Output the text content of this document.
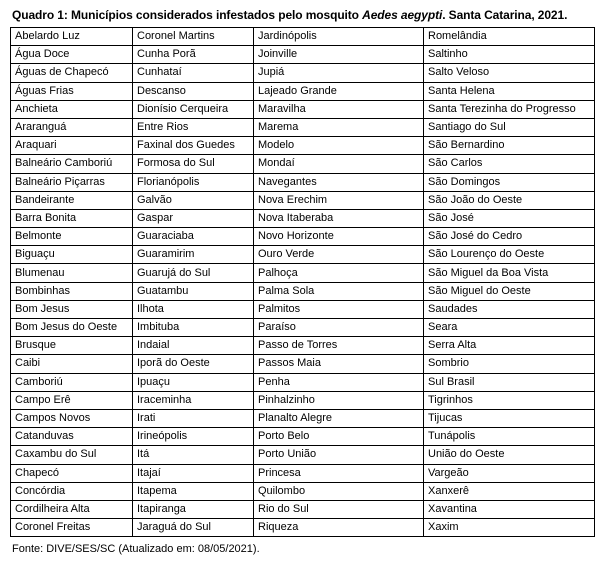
Quadro 1: Municípios considerados infestados pelo mosquito Aedes aegypti. Santa Catarina, 2021.
Abelardo Luz	Coronel Martins	Jardinópolis	Romelândia
Água Doce	Cunha Porã	Joinville	Saltinho
Águas de Chapecó	Cunhataí	Jupiá	Salto Veloso
Águas Frias	Descanso	Lajeado Grande	Santa Helena
Anchieta	Dionísio Cerqueira	Maravilha	Santa Terezinha do Progresso
Araranguá	Entre Rios	Marema	Santiago do Sul
Araquari	Faxinal dos Guedes	Modelo	São Bernardino
Balneário Camboriú	Formosa do Sul	Mondaí	São Carlos
Balneário Piçarras	Florianópolis	Navegantes	São Domingos
Bandeirante	Galvão	Nova Erechim	São João do Oeste
Barra Bonita	Gaspar	Nova Itaberaba	São José
Belmonte	Guaraciaba	Novo Horizonte	São José do Cedro
Biguaçu	Guaramirim	Ouro Verde	São Lourenço do Oeste
Blumenau	Guarujá do Sul	Palhoça	São Miguel da Boa Vista
Bombinhas	Guatambu	Palma Sola	São Miguel do Oeste
Bom Jesus	Ilhota	Palmitos	Saudades
Bom Jesus do Oeste	Imbituba	Paraíso	Seara
Brusque	Indaial	Passo de Torres	Serra Alta
Caibi	Iporã do Oeste	Passos Maia	Sombrio
Camboriú	Ipuaçu	Penha	Sul Brasil
Campo Erê	Iraceminha	Pinhalzinho	Tigrinhos
Campos Novos	Irati	Planalto Alegre	Tijucas
Catanduvas	Irineópolis	Porto Belo	Tunápolis
Caxambu do Sul	Itá	Porto União	União do Oeste
Chapecó	Itajaí	Princesa	Vargeão
Concórdia	Itapema	Quilombo	Xanxerê
Cordilheira Alta	Itapiranga	Rio do Sul	Xavantina
Coronel Freitas	Jaraguá do Sul	Riqueza	Xaxim
Fonte: DIVE/SES/SC (Atualizado em: 08/05/2021).
